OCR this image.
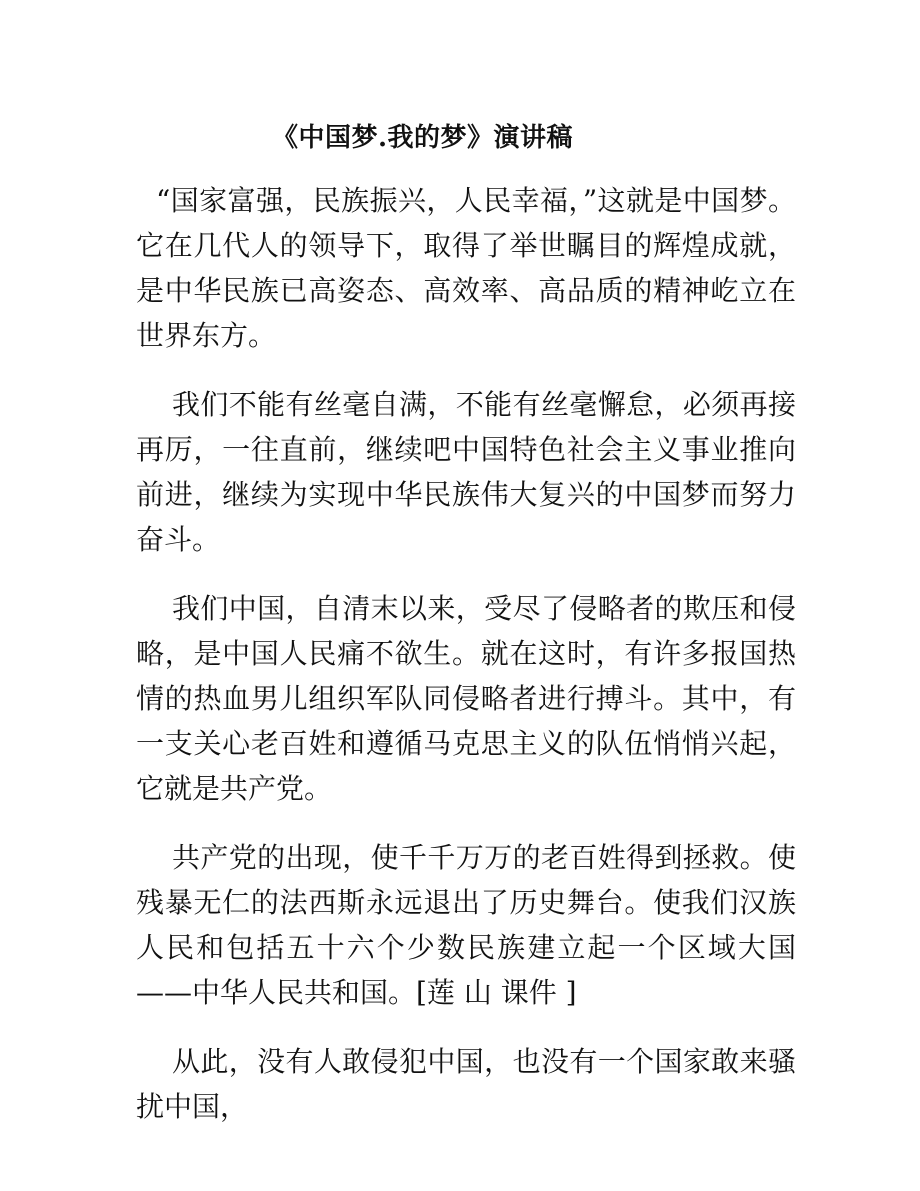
《中国梦.我的梦》演讲稿

“国家富强，民族振兴，人民幸福，”这就是中国梦。它在几代人的领导下，取得了举世瞩目的辉煌成就，是中华民族已高姿态、高效率、高品质的精神屹立在世界东方。

我们不能有丝毫自满，不能有丝毫懈怠，必须再接再厉，一往直前，继续吧中国特色社会主义事业推向前进，继续为实现中华民族伟大复兴的中国梦而努力奋斗。

我们中国，自清末以来，受尽了侵略者的欺压和侵略，是中国人民痛不欲生。就在这时，有许多报国热情的热血男儿组织军队同侵略者进行搏斗。其中，有一支关心老百姓和遵循马克思主义的队伍悄悄兴起，它就是共产党。

共产党的出现，使千千万万的老百姓得到拯救。使残暴无仁的法西斯永远退出了历史舞台。使我们汉族人民和包括五十六个少数民族建立起一个区域大国——中华人民共和国。[莲 山 课件 ]

从此，没有人敢侵犯中国，也没有一个国家敢来骚扰中国，
